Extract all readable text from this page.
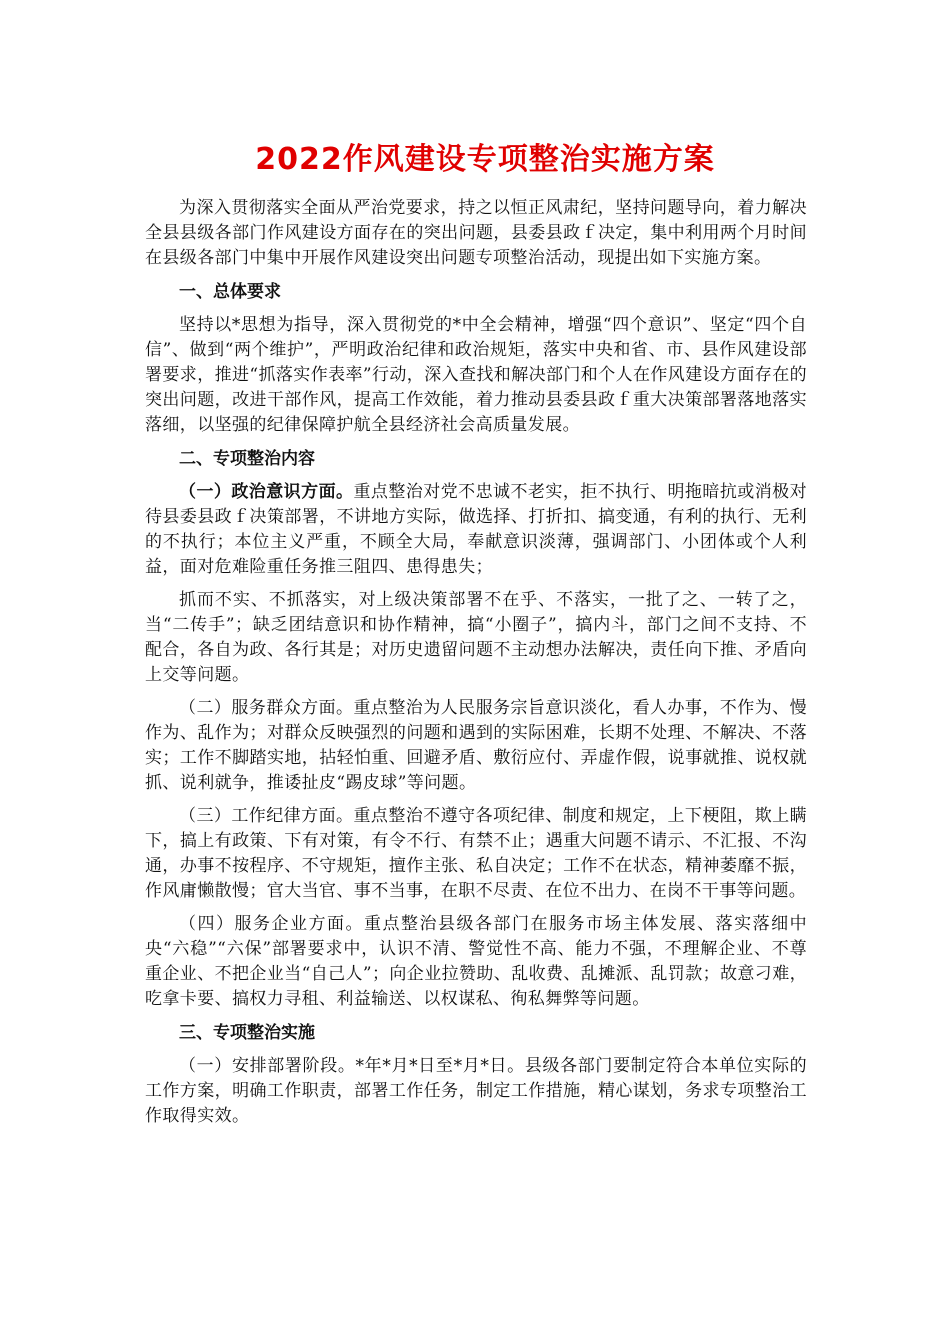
2022作风建设专项整治实施方案

为深入贯彻落实全面从严治党要求，持之以恒正风肃纪，坚持问题导向，着力解决全县县级各部门作风建设方面存在的突出问题，县委县政ｆ决定，集中利用两个月时间在县级各部门中集中开展作风建设突出问题专项整治活动，现提出如下实施方案。

一、总体要求

坚持以*思想为指导，深入贯彻党的*中全会精神，增强“四个意识”、坚定“四个自信”、做到“两个维护”，严明政治纪律和政治规矩，落实中央和省、市、县作风建设部署要求，推进“抓落实作表率”行动，深入查找和解决部门和个人在作风建设方面存在的突出问题，改进干部作风，提高工作效能，着力推动县委县政ｆ重大决策部署落地落实落细，以坚强的纪律保障护航全县经济社会高质量发展。

二、专项整治内容

（一）政治意识方面。重点整治对党不忠诚不老实，拒不执行、明拖暗抗或消极对待县委县政ｆ决策部署，不讲地方实际，做选择、打折扣、搞变通，有利的执行、无利的不执行；本位主义严重，不顾全大局，奉献意识淡薄，强调部门、小团体或个人利益，面对危难险重任务推三阻四、患得患失；

抓而不实、不抓落实，对上级决策部署不在乎、不落实，一批了之、一转了之，当“二传手”；缺乏团结意识和协作精神，搞“小圈子”，搞内斗，部门之间不支持、不配合，各自为政、各行其是；对历史遗留问题不主动想办法解决，责任向下推、矛盾向上交等问题。

（二）服务群众方面。重点整治为人民服务宗旨意识淡化，看人办事，不作为、慢作为、乱作为；对群众反映强烈的问题和遇到的实际困难，长期不处理、不解决、不落实；工作不脚踏实地，拈轻怕重、回避矛盾、敷衍应付、弄虚作假，说事就推、说权就抓、说利就争，推诿扯皮“踢皮球”等问题。

（三）工作纪律方面。重点整治不遵守各项纪律、制度和规定，上下梗阻，欺上瞒下，搞上有政策、下有对策，有令不行、有禁不止；遇重大问题不请示、不汇报、不沟通，办事不按程序、不守规矩，擅作主张、私自决定；工作不在状态，精神萎靡不振，作风庸懒散慢；官大当官、事不当事，在职不尽责、在位不出力、在岗不干事等问题。

（四）服务企业方面。重点整治县级各部门在服务市场主体发展、落实落细中央“六稳”“六保”部署要求中，认识不清、警觉性不高、能力不强，不理解企业、不尊重企业、不把企业当“自己人”；向企业拉赞助、乱收费、乱摊派、乱罚款；故意刁难，吃拿卡要、搞权力寻租、利益输送、以权谋私、徇私舞弊等问题。

三、专项整治实施

（一）安排部署阶段。*年*月*日至*月*日。县级各部门要制定符合本单位实际的工作方案，明确工作职责，部署工作任务，制定工作措施，精心谋划，务求专项整治工作取得实效。
